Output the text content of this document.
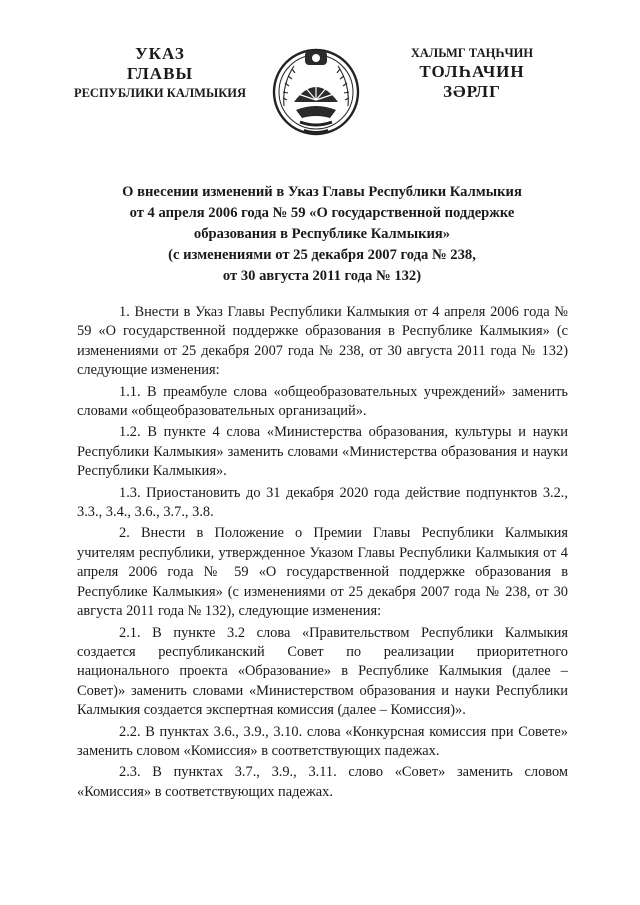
УКАЗ
ГЛАВЫ
РЕСПУБЛИКИ КАЛМЫКИЯ
ХАЛЬМГ ТАҢҺЧИН
ТОЛҺАЧИН
ЗӘРЛГ
О внесении изменений в Указ Главы Республики Калмыкия
от 4 апреля 2006 года № 59 «О государственной поддержке
образования в Республике Калмыкия»
(с изменениями от 25 декабря 2007 года № 238,
от 30 августа 2011 года № 132)

1. Внести в Указ Главы Республики Калмыкия от 4 апреля 2006 года № 59 «О государственной поддержке образования в Республике Калмыкия» (с изменениями от 25 декабря 2007 года № 238, от 30 августа 2011 года № 132) следующие изменения:

1.1. В преамбуле слова «общеобразовательных учреждений» заменить словами «общеобразовательных организаций».

1.2. В пункте 4 слова «Министерства образования, культуры и науки Республики Калмыкия» заменить словами «Министерства образования и науки Республики Калмыкия».

1.3. Приостановить до 31 декабря 2020 года действие подпунктов 3.2., 3.3., 3.4., 3.6., 3.7., 3.8.

2. Внести в Положение о Премии Главы Республики Калмыкия учителям республики, утвержденное Указом Главы Республики Калмыкия от 4 апреля 2006 года № 59 «О государственной поддержке образования в Республике Калмыкия» (с изменениями от 25 декабря 2007 года № 238, от 30 августа 2011 года № 132), следующие изменения:

2.1. В пункте 3.2 слова «Правительством Республики Калмыкия создается республиканский Совет по реализации приоритетного национального проекта «Образование» в Республике Калмыкия (далее – Совет)» заменить словами «Министерством образования и науки Республики Калмыкия создается экспертная комиссия (далее – Комиссия)».

2.2. В пунктах 3.6., 3.9., 3.10. слова «Конкурсная комиссия при Совете» заменить словом «Комиссия» в соответствующих падежах.

2.3. В пунктах 3.7., 3.9., 3.11. слово «Совет» заменить словом «Комиссия» в соответствующих падежах.
